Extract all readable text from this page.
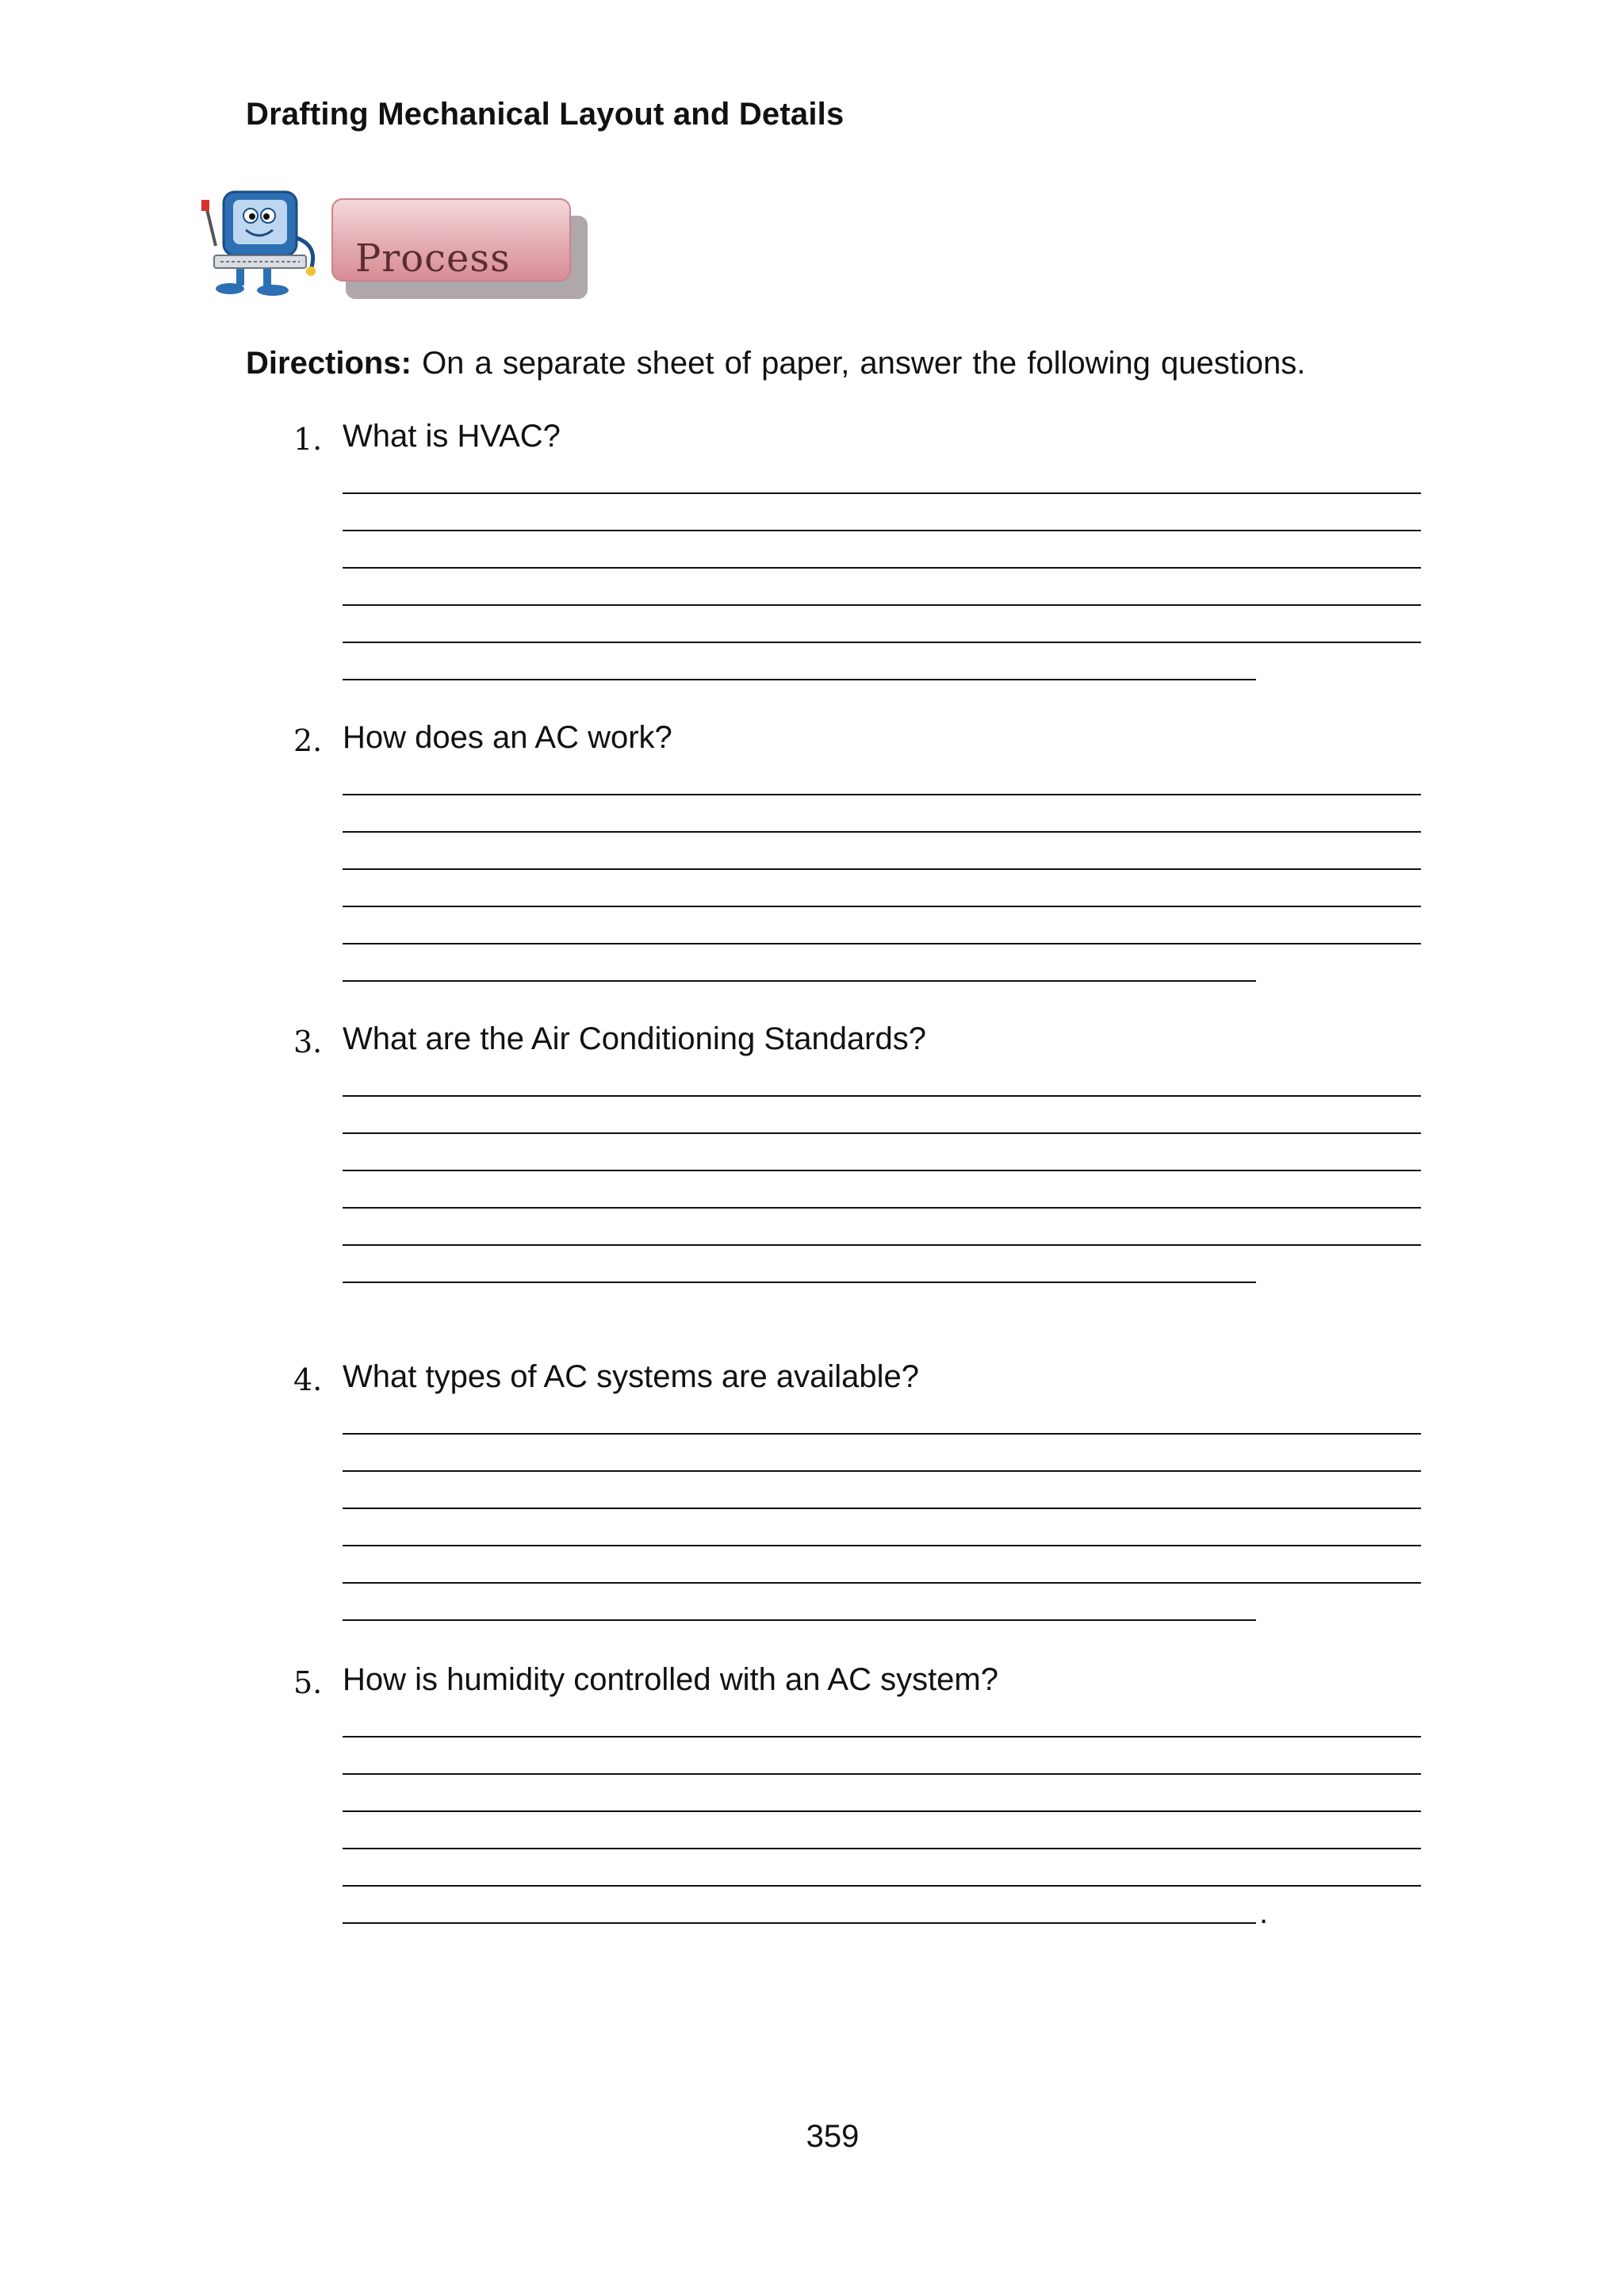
Drafting Mechanical Layout and Details
Process
Directions: On a separate sheet of paper, answer the following questions.
1. What is HVAC?
2. How does an AC work?
3. What are the Air Conditioning Standards?
4. What types of AC systems are available?
5. How is humidity controlled with an AC system?
.
359
